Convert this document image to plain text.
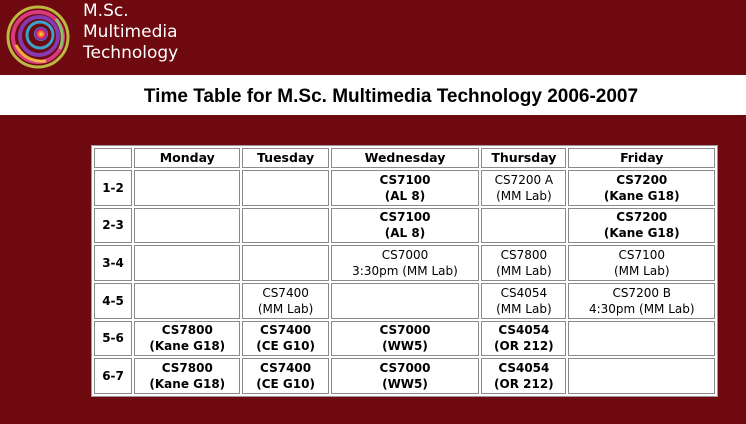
M.Sc.
Multimedia
Technology
Time Table for M.Sc. Multimedia Technology 2006-2007
	Monday	Tuesday	Wednesday	Thursday	Friday
1-2			CS7100
(AL 8)	CS7200 A
(MM Lab)	CS7200
(Kane G18)

2-3			CS7100
(AL 8)		CS7200
(Kane G18)

3-4			CS7000
3:30pm (MM Lab)	CS7800
(MM Lab)	CS7100
(MM Lab)

4-5		CS7400
(MM Lab)		CS4054
(MM Lab)	CS7200 B
4:30pm (MM Lab)

5-6	CS7800
(Kane G18)	CS7400
(CE G10)	CS7000
(WW5)	CS4054
(OR 212)	

6-7	CS7800
(Kane G18)	CS7400
(CE G10)	CS7000
(WW5)	CS4054
(OR 212)	
